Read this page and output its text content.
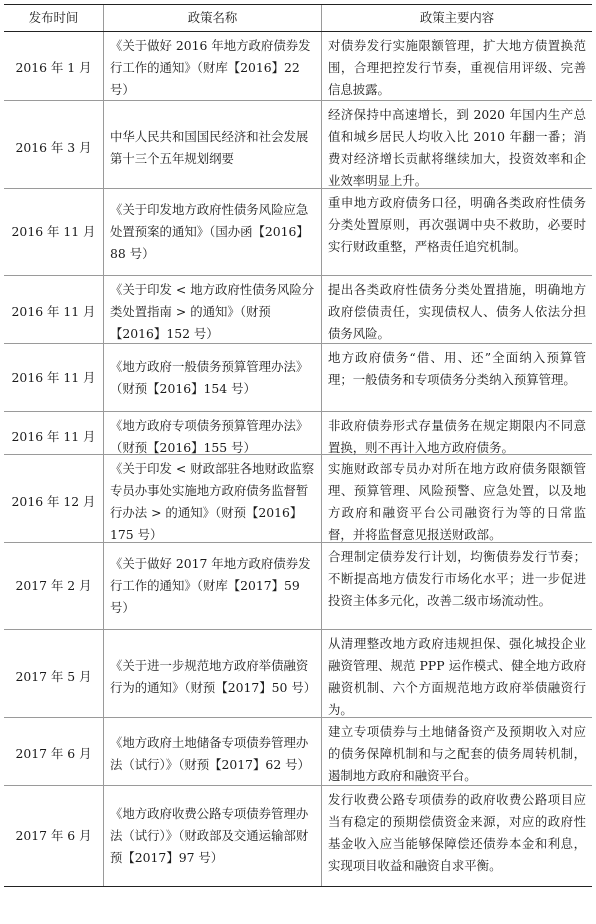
发布时间	政策名称	政策主要内容
2016 年 1 月
《关于做好 2016 年地方政府债券发行工作的通知》（财库【2016】22 号）
对债券发行实施限额管理，扩大地方债置换范围，合理把控发行节奏，重视信用评级、完善信息披露。
2016 年 3 月
中华人民共和国国民经济和社会发展第十三个五年规划纲要
经济保持中高速增长，到 2020 年国内生产总值和城乡居民人均收入比 2010 年翻一番；消费对经济增长贡献将继续加大，投资效率和企业效率明显上升。
2016 年 11 月
《关于印发地方政府性债务风险应急处置预案的通知》（国办函【2016】88 号）
重申地方政府债务口径，明确各类政府性债务分类处置原则，再次强调中央不救助，必要时实行财政重整，严格责任追究机制。
2016 年 11 月
《关于印发 < 地方政府性债务风险分类处置指南 > 的通知》（财预【2016】152 号）
提出各类政府性债务分类处置措施，明确地方政府偿债责任，实现债权人、债务人依法分担债务风险。
2016 年 11 月
《地方政府一般债务预算管理办法》（财预【2016】154 号）
地方政府债务“借、用、还”全面纳入预算管理；一般债务和专项债务分类纳入预算管理。
2016 年 11 月
《地方政府专项债务预算管理办法》（财预【2016】155 号）
非政府债券形式存量债务在规定期限内不同意置换，则不再计入地方政府债务。
2016 年 12 月
《关于印发 < 财政部驻各地财政监察专员办事处实施地方政府债务监督暂行办法 > 的通知》（财预【2016】175 号）
实施财政部专员办对所在地方政府债务限额管理、预算管理、风险预警、应急处置，以及地方政府和融资平台公司融资行为等的日常监督，并将监督意见报送财政部。
2017 年 2 月
《关于做好 2017 年地方政府债券发行工作的通知》（财库【2017】59 号）
合理制定债券发行计划，均衡债券发行节奏；不断提高地方债发行市场化水平；进一步促进投资主体多元化，改善二级市场流动性。
2017 年 5 月
《关于进一步规范地方政府举债融资行为的通知》（财预【2017】50 号）
从清理整改地方政府违规担保、强化城投企业融资管理、规范 PPP 运作模式、健全地方政府融资机制、六个方面规范地方政府举债融资行为。
2017 年 6 月
《地方政府土地储备专项债券管理办法（试行）》（财预【2017】62 号）
建立专项债券与土地储备资产及预期收入对应的债务保障机制和与之配套的债务周转机制，遏制地方政府和融资平台。
2017 年 6 月
《地方政府收费公路专项债券管理办法（试行）》（财政部及交通运输部财预【2017】97 号）
发行收费公路专项债券的政府收费公路项目应当有稳定的预期偿债资金来源，对应的政府性基金收入应当能够保障偿还债券本金和利息，实现项目收益和融资自求平衡。
